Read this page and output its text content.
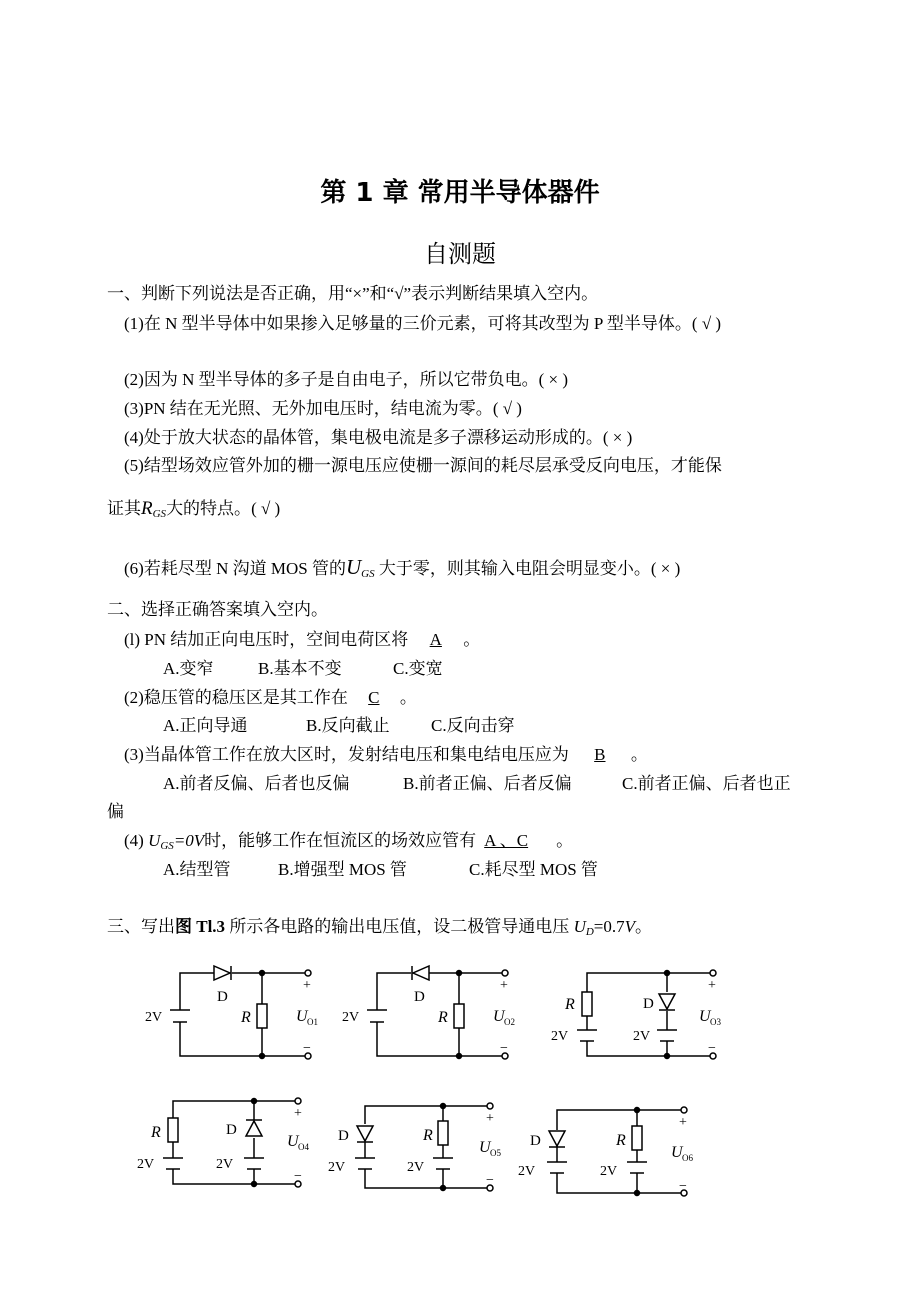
第 1 章 常用半导体器件
自测题
一、判断下列说法是否正确，用“×”和“√”表示判断结果填入空内。
(1)在 N 型半导体中如果掺入足够量的三价元素，可将其改型为 P 型半导体。( √ )
(2)因为 N 型半导体的多子是自由电子，所以它带负电。( × )
(3)PN 结在无光照、无外加电压时，结电流为零。( √ )
(4)处于放大状态的晶体管，集电极电流是多子漂移运动形成的。( × )
(5)结型场效应管外加的栅一源电压应使栅一源间的耗尽层承受反向电压，才能保
证其$R_{GS}$大的特点。( √ )
(6)若耗尽型 N 沟道 MOS 管的$U_{GS}$ 大于零，则其输入电阻会明显变小。( × )
二、选择正确答案填入空内。
(l) PN 结加正向电压时，空间电荷区将 A 。
A.变窄	B.基本不变	C.变宽
(2)稳压管的稳压区是其工作在 C 。
A.正向导通	B.反向截止 C.反向击穿
(3)当晶体管工作在放大区时，发射结电压和集电结电压应为 B 。
A.前者反偏、后者也反偏	B.前者正偏、后者反偏	C.前者正偏、后者也正
偏
(4) $U_{GS}=0V$时，能够工作在恒流区的场效应管有 A 、C 。
A.结型管	B.增强型 MOS 管	C.耗尽型 MOS 管
三、写出图 Tl.3 所示各电路的输出电压值，设二极管导通电压 $U_D=0.7V$。
2V
D
R
+
−
U O1 2V
D
R
+
−
U O2
R
2V
D
2V
+
−
U O3
R
2V
D
2V
+
−
U O4
D
2V
R
2V
+
−
U O5
D
2V
R
2V
+
−
U O6
